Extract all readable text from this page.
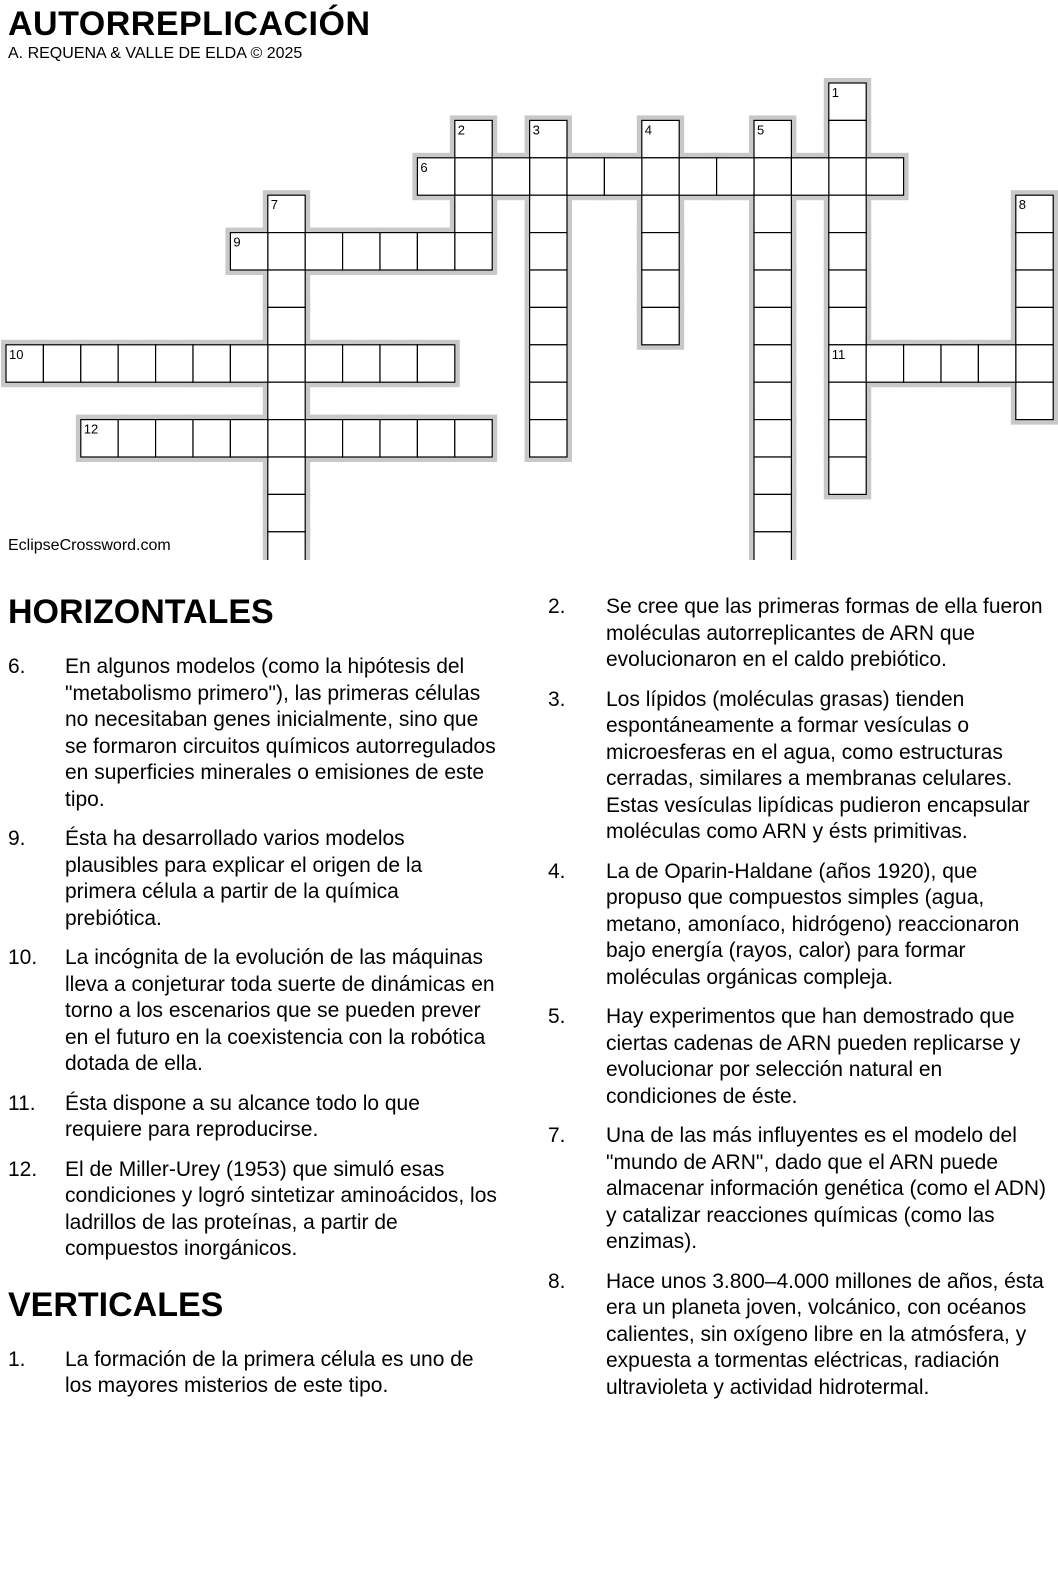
AUTORREPLICACIÓN
A. REQUENA & VALLE DE ELDA © 2025
1
11
2	3	4	5
6
7	8
9
10
12
EclipseCrossword.com
HORIZONTALES
6.	En algunos modelos (como la hipótesis del "metabolismo primero"), las primeras células no necesitaban genes inicialmente, sino que se formaron circuitos químicos autorregulados en superficies minerales o emisiones de este tipo.
9.	Ésta ha desarrollado varios modelos plausibles para explicar el origen de la primera célula a partir de la química prebiótica.
10.	La incógnita de la evolución de las máquinas lleva a conjeturar toda suerte de dinámicas en torno a los escenarios que se pueden prever en el futuro en la coexistencia con la robótica dotada de ella.
11.	Ésta dispone a su alcance todo lo que requiere para reproducirse.
12.	El de Miller-Urey (1953) que simuló esas condiciones y logró sintetizar aminoácidos, los ladrillos de las proteínas, a partir de compuestos inorgánicos.
VERTICALES
1.	La formación de la primera célula es uno de los mayores misterios de este tipo.
2.	Se cree que las primeras formas de ella fueron moléculas autorreplicantes de ARN que evolucionaron en el caldo prebiótico.
3.	Los lípidos (moléculas grasas) tienden espontáneamente a formar vesículas o microesferas en el agua, como estructuras cerradas, similares a membranas celulares. Estas vesículas lipídicas pudieron encapsular moléculas como ARN y ésts primitivas.
4.	La de Oparin-Haldane (años 1920), que propuso que compuestos simples (agua, metano, amoníaco, hidrógeno) reaccionaron bajo energía (rayos, calor) para formar moléculas orgánicas compleja.
5.	Hay experimentos que han demostrado que ciertas cadenas de ARN pueden replicarse y evolucionar por selección natural en condiciones de éste.
7.	Una de las más influyentes es el modelo del "mundo de ARN", dado que el ARN puede almacenar información genética (como el ADN) y catalizar reacciones químicas (como las enzimas).
8.	Hace unos 3.800–4.000 millones de años, ésta era un planeta joven, volcánico, con océanos calientes, sin oxígeno libre en la atmósfera, y expuesta a tormentas eléctricas, radiación ultravioleta y actividad hidrotermal.
